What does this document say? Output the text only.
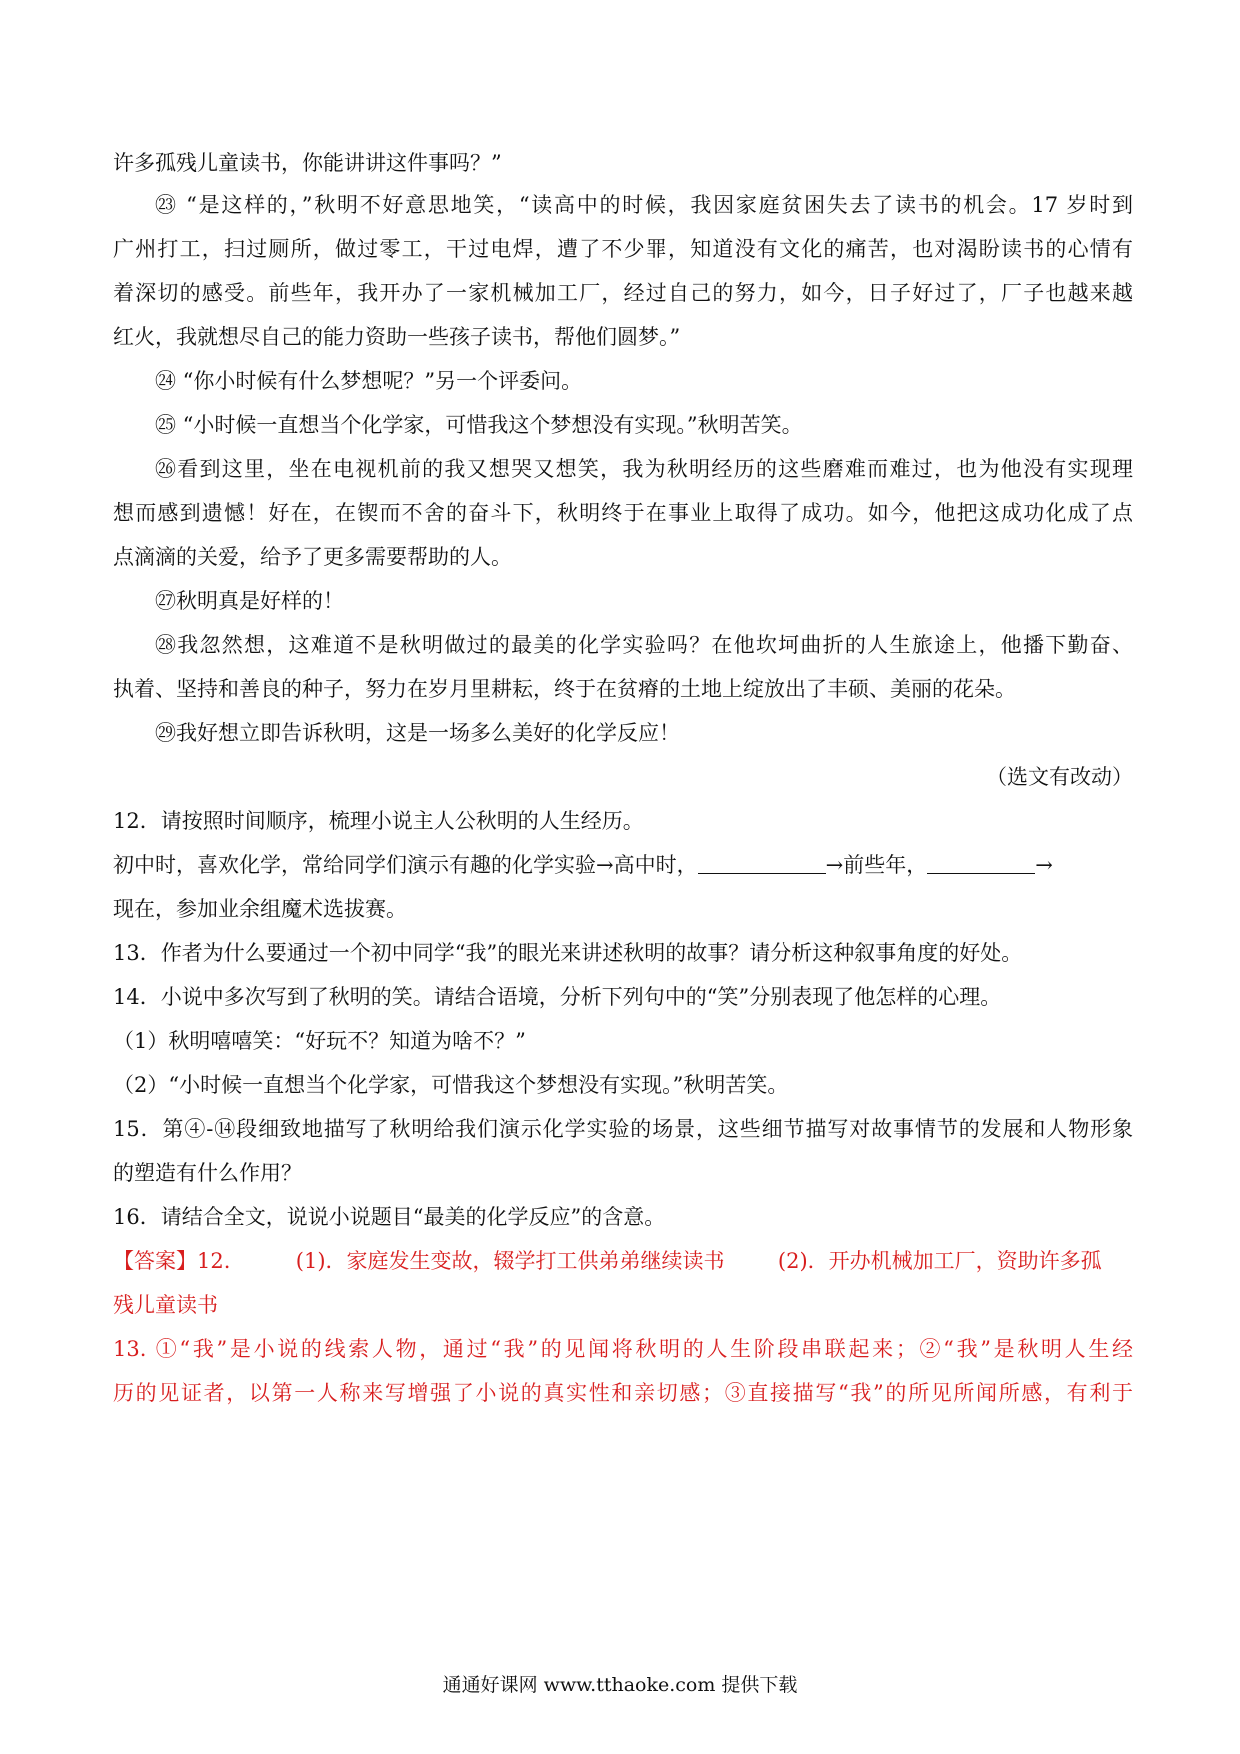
许多孤残儿童读书，你能讲讲这件事吗？”
㉓ “是这样的，”秋明不好意思地笑，“读高中的时候，我因家庭贫困失去了读书的机会。17 岁时到
广州打工，扫过厕所，做过零工，干过电焊，遭了不少罪，知道没有文化的痛苦，也对渴盼读书的心情有
着深切的感受。前些年，我开办了一家机械加工厂，经过自己的努力，如今，日子好过了，厂子也越来越
红火，我就想尽自己的能力资助一些孩子读书，帮他们圆梦。”
㉔ “你小时候有什么梦想呢？”另一个评委问。
㉕ “小时候一直想当个化学家，可惜我这个梦想没有实现。”秋明苦笑。
㉖看到这里，坐在电视机前的我又想哭又想笑，我为秋明经历的这些磨难而难过，也为他没有实现理
想而感到遗憾！好在，在锲而不舍的奋斗下，秋明终于在事业上取得了成功。如今，他把这成功化成了点
点滴滴的关爱，给予了更多需要帮助的人。
㉗秋明真是好样的！
㉘我忽然想，这难道不是秋明做过的最美的化学实验吗？在他坎坷曲折的人生旅途上，他播下勤奋、
执着、坚持和善良的种子，努力在岁月里耕耘，终于在贫瘠的土地上绽放出了丰硕、美丽的花朵。
㉙我好想立即告诉秋明，这是一场多么美好的化学反应！
（选文有改动）
12．请按照时间顺序，梳理小说主人公秋明的人生经历。
初中时，喜欢化学，常给同学们演示有趣的化学实验→高中时，	→前些年，	→
现在，参加业余组魔术选拔赛。
13．作者为什么要通过一个初中同学“我”的眼光来讲述秋明的故事？请分析这种叙事角度的好处。
14．小说中多次写到了秋明的笑。请结合语境，分析下列句中的“笑”分别表现了他怎样的心理。
（1）秋明嘻嘻笑：“好玩不？知道为啥不？”
（2）“小时候一直想当个化学家，可惜我这个梦想没有实现。”秋明苦笑。
15．第④-⑭段细致地描写了秋明给我们演示化学实验的场景，这些细节描写对故事情节的发展和人物形象
的塑造有什么作用？
16．请结合全文，说说小说题目“最美的化学反应”的含意。
【答案】12.	(1)．家庭发生变故，辍学打工供弟弟继续读书	(2)．开办机械加工厂，资助许多孤
残儿童读书
13. ①“我”是小说的线索人物，通过“我”的见闻将秋明的人生阶段串联起来；②“我”是秋明人生经
历的见证者，以第一人称来写增强了小说的真实性和亲切感；③直接描写“我”的所见所闻所感，有利于
通通好课网 www.tthaoke.com 提供下载
